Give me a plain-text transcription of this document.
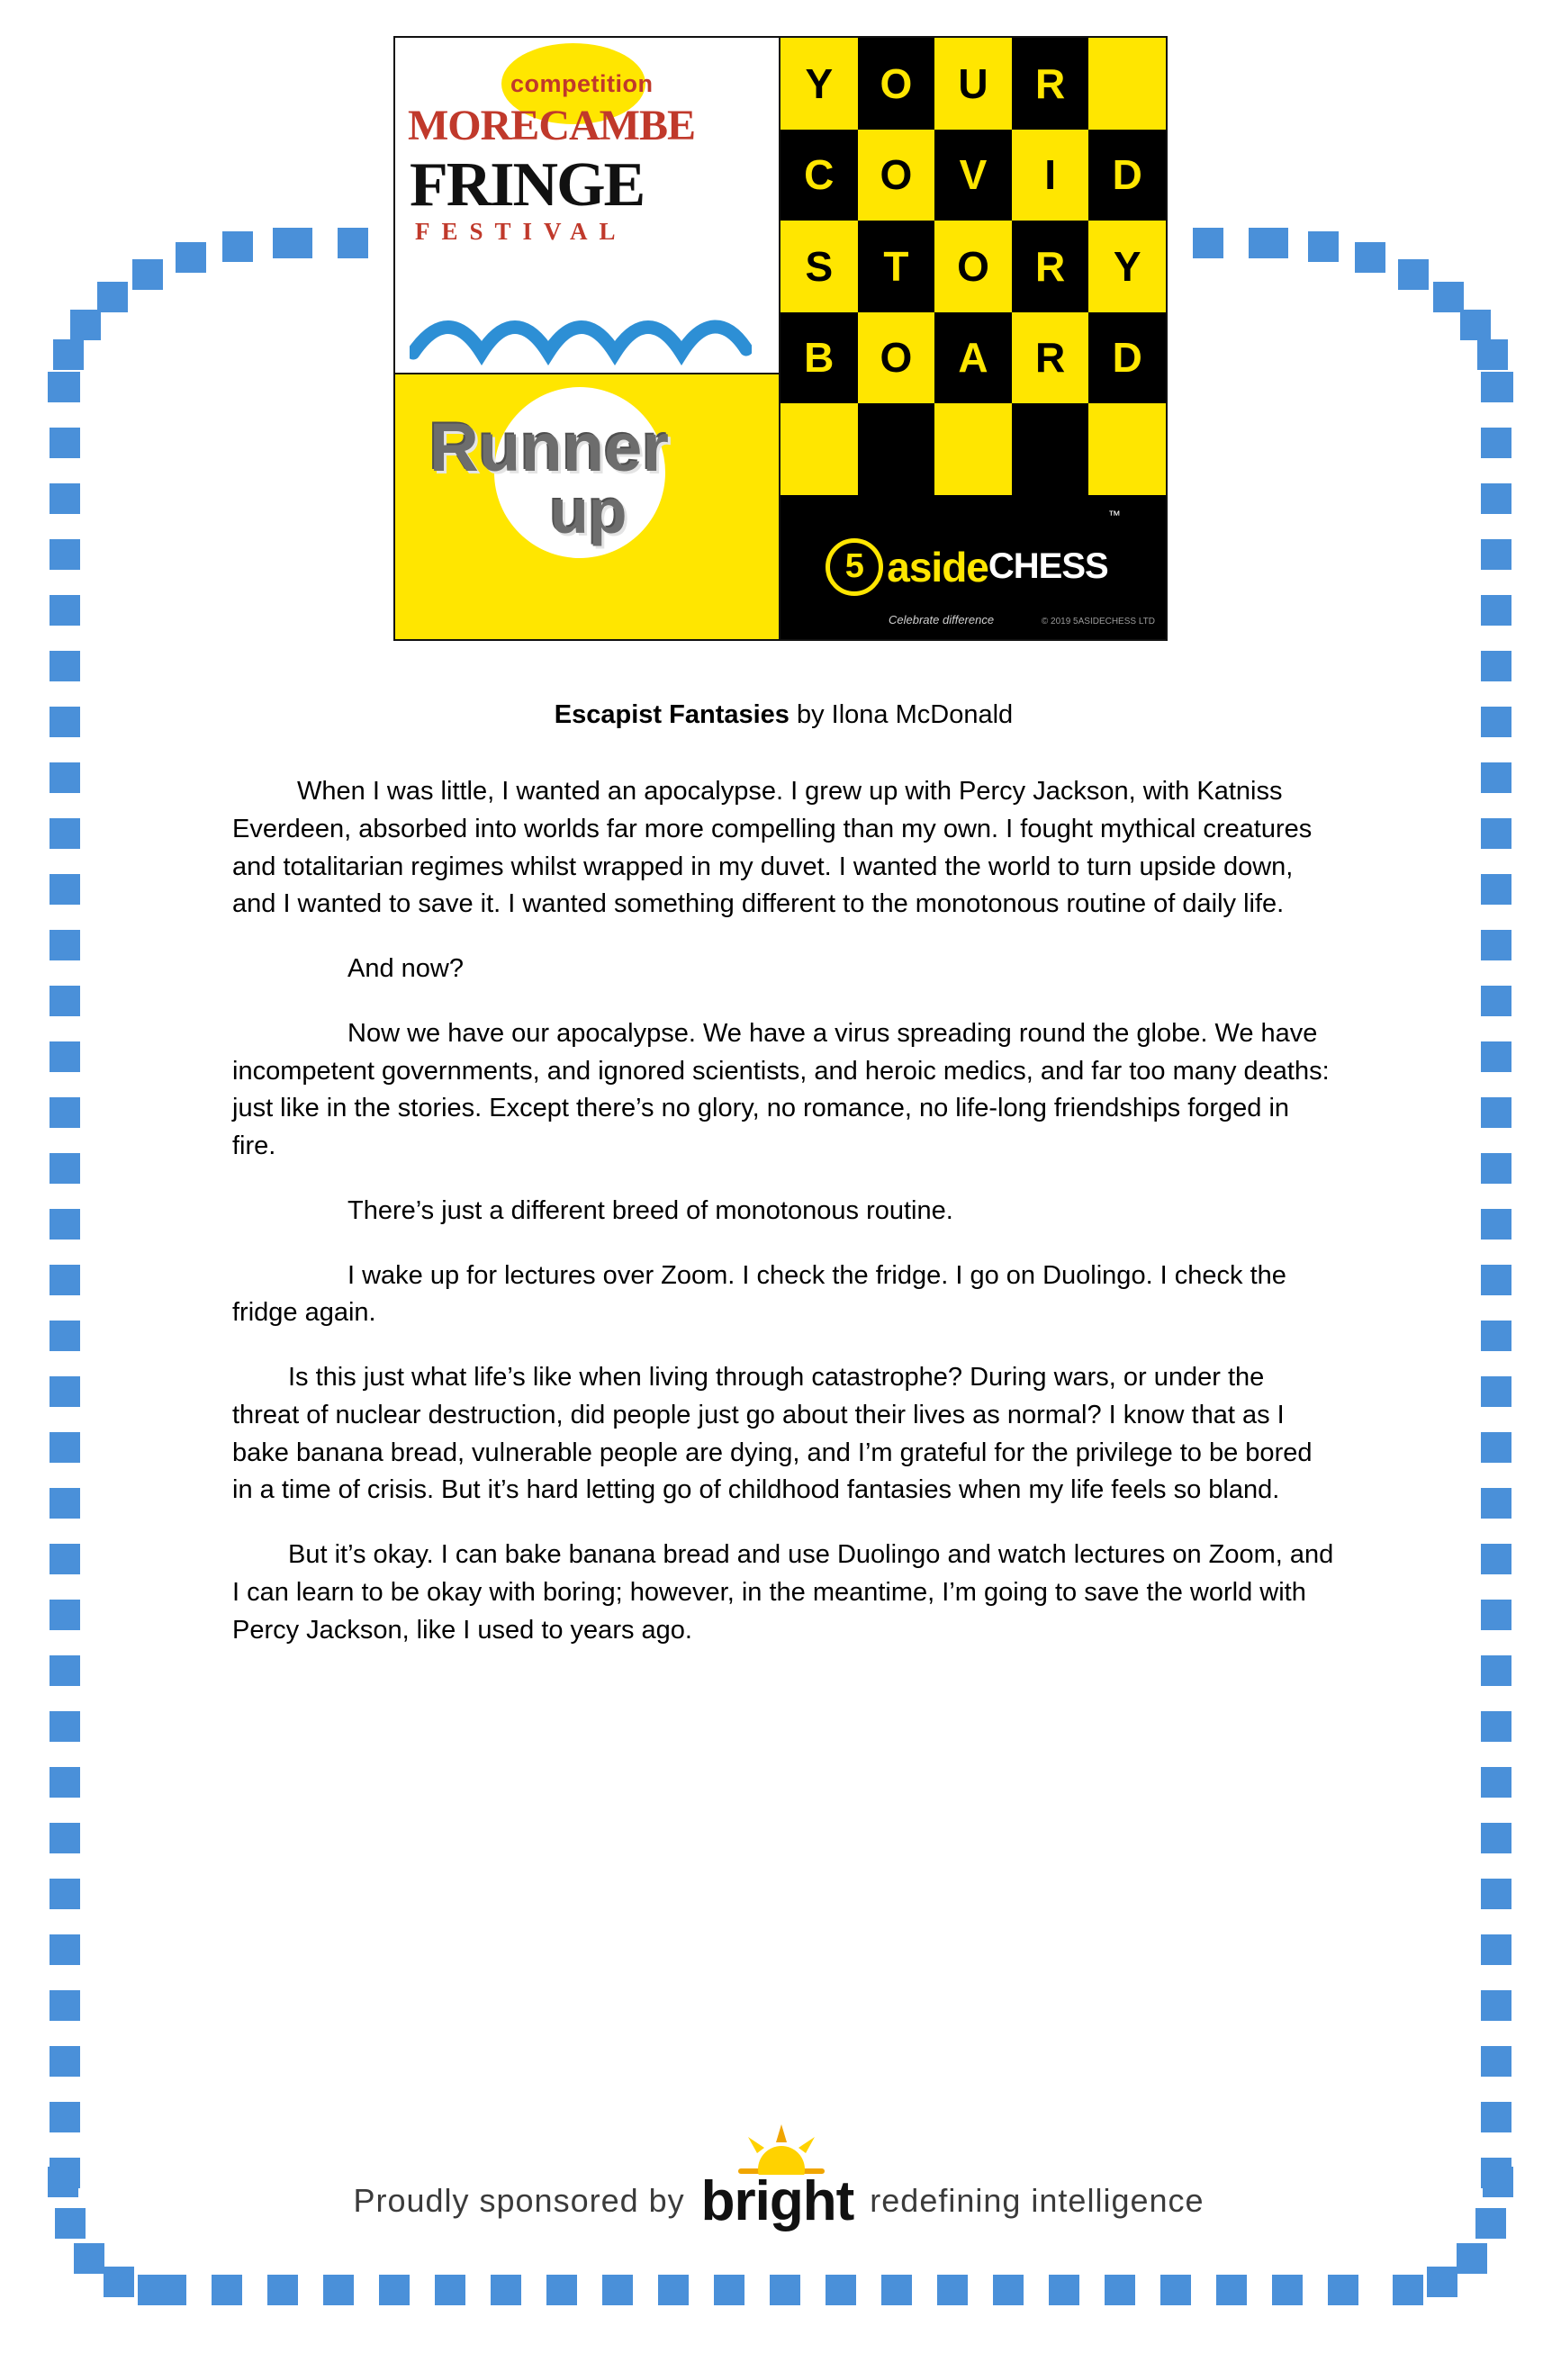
competition
MORECAMBE
FRINGE
FESTIVAL
Runner
up
Y	O	U	R
C	O	V	I	D
S	T	O	R	Y
B	O	A	R	D
5 aside CHESS
™
Celebrate difference	© 2019 5ASIDECHESS LTD
Escapist Fantasies by Ilona McDonald

When I was little, I wanted an apocalypse. I grew up with Percy Jackson, with Katniss Everdeen, absorbed into worlds far more compelling than my own. I fought mythical creatures and totalitarian regimes whilst wrapped in my duvet. I wanted the world to turn upside down, and I wanted to save it. I wanted something different to the monotonous routine of daily life.

And now?

Now we have our apocalypse. We have a virus spreading round the globe. We have incompetent governments, and ignored scientists, and heroic medics, and far too many deaths: just like in the stories. Except there’s no glory, no romance, no life-long friendships forged in fire.

There’s just a different breed of monotonous routine.

I wake up for lectures over Zoom. I check the fridge. I go on Duolingo. I check the fridge again.

Is this just what life’s like when living through catastrophe? During wars, or under the threat of nuclear destruction, did people just go about their lives as normal? I know that as I bake banana bread, vulnerable people are dying, and I’m grateful for the privilege to be bored in a time of crisis. But it’s hard letting go of childhood fantasies when my life feels so bland.

But it’s okay. I can bake banana bread and use Duolingo and watch lectures on Zoom, and I can learn to be okay with boring; however, in the meantime, I’m going to save the world with Percy Jackson, like I used to years ago.

Proudly sponsored by bright redefining intelligence
